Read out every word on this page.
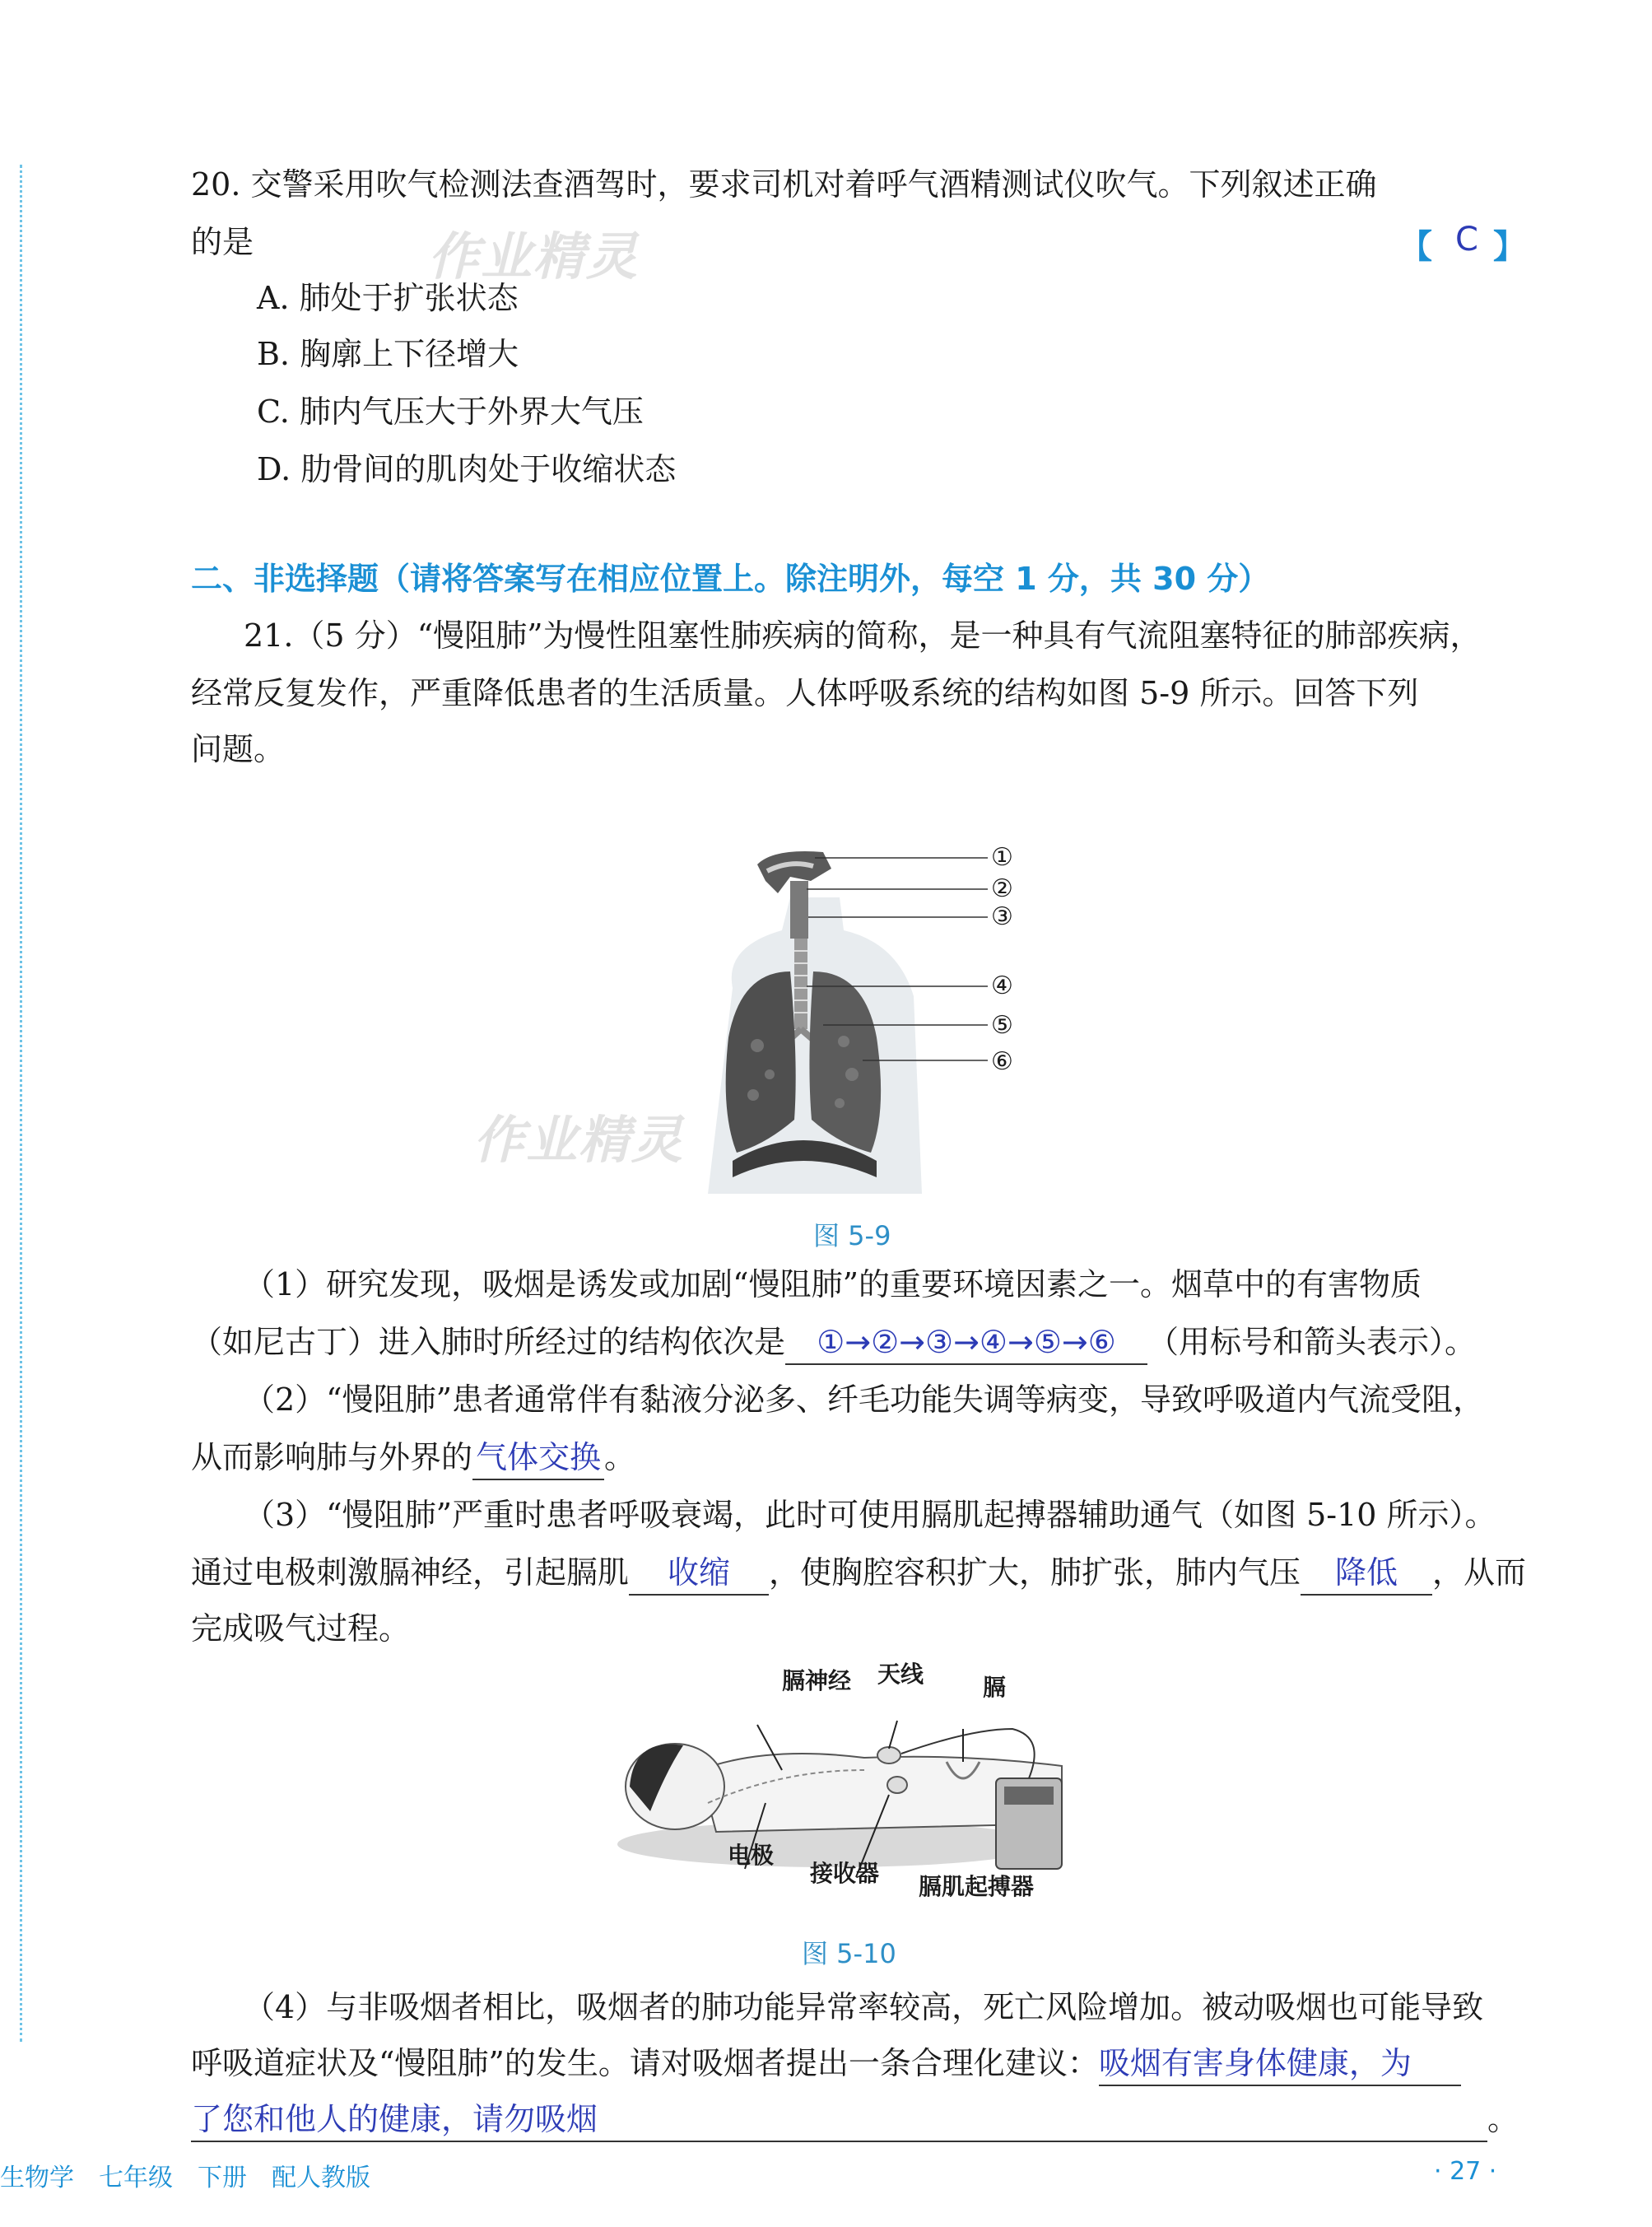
20. 交警采用吹气检测法查酒驾时，要求司机对着呼气酒精测试仪吹气。下列叙述正确
的是	作业精灵	【 C 】
A. 肺处于扩张状态
B. 胸廓上下径增大
C. 肺内气压大于外界大气压
D. 肋骨间的肌肉处于收缩状态
二、非选择题（请将答案写在相应位置上。除注明外，每空 1 分，共 30 分）
21.（5 分）“慢阻肺”为慢性阻塞性肺疾病的简称，是一种具有气流阻塞特征的肺部疾病，
经常反复发作，严重降低患者的生活质量。人体呼吸系统的结构如图 5-9 所示。回答下列
问题。
①
②
③
④
⑤
⑥
作业精灵
图 5-9
（1）研究发现，吸烟是诱发或加剧“慢阻肺”的重要环境因素之一。烟草中的有害物质
（如尼古丁）进入肺时所经过的结构依次是 ①→②→③→④→⑤→⑥ （用标号和箭头表示）。
（2）“慢阻肺”患者通常伴有黏液分泌多、纤毛功能失调等病变，导致呼吸道内气流受阻，
从而影响肺与外界的 气体交换 。
（3）“慢阻肺”严重时患者呼吸衰竭，此时可使用膈肌起搏器辅助通气（如图 5-10 所示）。
通过电极刺激膈神经，引起膈肌 收缩 ，使胸腔容积扩大，肺扩张，肺内气压 降低 ，从而
完成吸气过程。
膈神经 天线	膈
电极
接收器 膈肌起搏器
图 5-10
（4）与非吸烟者相比，吸烟者的肺功能异常率较高，死亡风险增加。被动吸烟也可能导致
呼吸道症状及“慢阻肺”的发生。请对吸烟者提出一条合理化建议：吸烟有害身体健康，为
了您和他人的健康，请勿吸烟	。
生物学　七年级　下册　配人教版	· 27 ·
